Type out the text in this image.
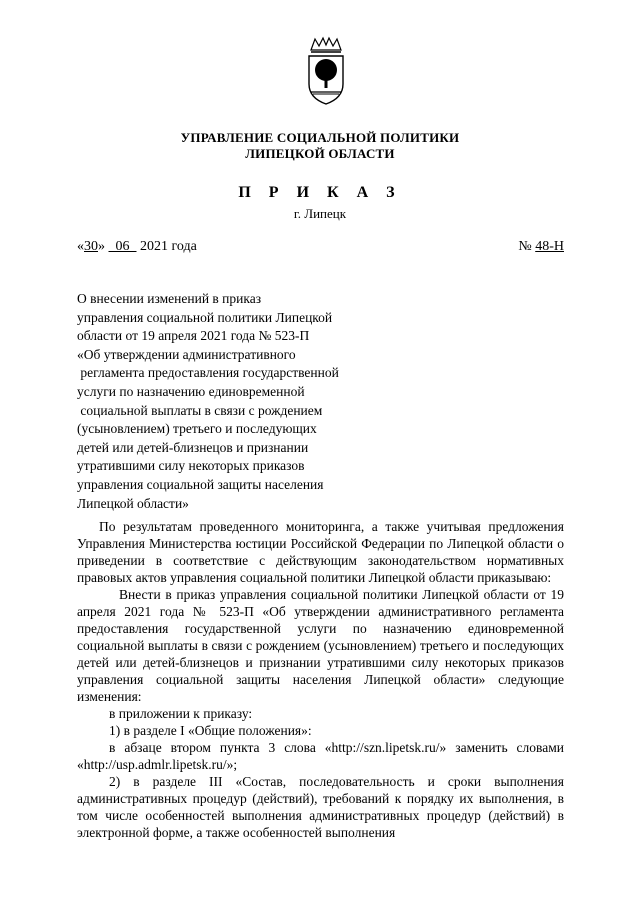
УПРАВЛЕНИЕ СОЦИАЛЬНОЙ ПОЛИТИКИ
ЛИПЕЦКОЙ ОБЛАСТИ
П Р И К А З
г. Липецк
«30» 06 2021 года	№ 48-Н
О внесении изменений в приказ
управления социальной политики Липецкой
области от 19 апреля 2021 года № 523-П
«Об утверждении административного
регламента предоставления государственной
услуги по назначению единовременной
социальной выплаты в связи с рождением
(усыновлением) третьего и последующих
детей или детей-близнецов и признании
утратившими силу некоторых приказов
управления социальной защиты населения
Липецкой области»

По результатам проведенного мониторинга, а также учитывая предложения Управления Министерства юстиции Российской Федерации по Липецкой области о приведении в соответствие с действующим законодательством нормативных правовых актов управления социальной политики Липецкой области приказываю:

Внести в приказ управления социальной политики Липецкой области от 19 апреля 2021 года № 523-П «Об утверждении административного регламента предоставления государственной услуги по назначению единовременной социальной выплаты в связи с рождением (усыновлением) третьего и последующих детей или детей-близнецов и признании утратившими силу некоторых приказов управления социальной защиты населения Липецкой области» следующие изменения:

в приложении к приказу:

1) в разделе I «Общие положения»:

в абзаце втором пункта 3 слова «http://szn.lipetsk.ru/» заменить словами «http://usp.admlr.lipetsk.ru/»;

2) в разделе III «Состав, последовательность и сроки выполнения административных процедур (действий), требований к порядку их выполнения, в том числе особенностей выполнения административных процедур (действий) в электронной форме, а также особенностей выполнения
